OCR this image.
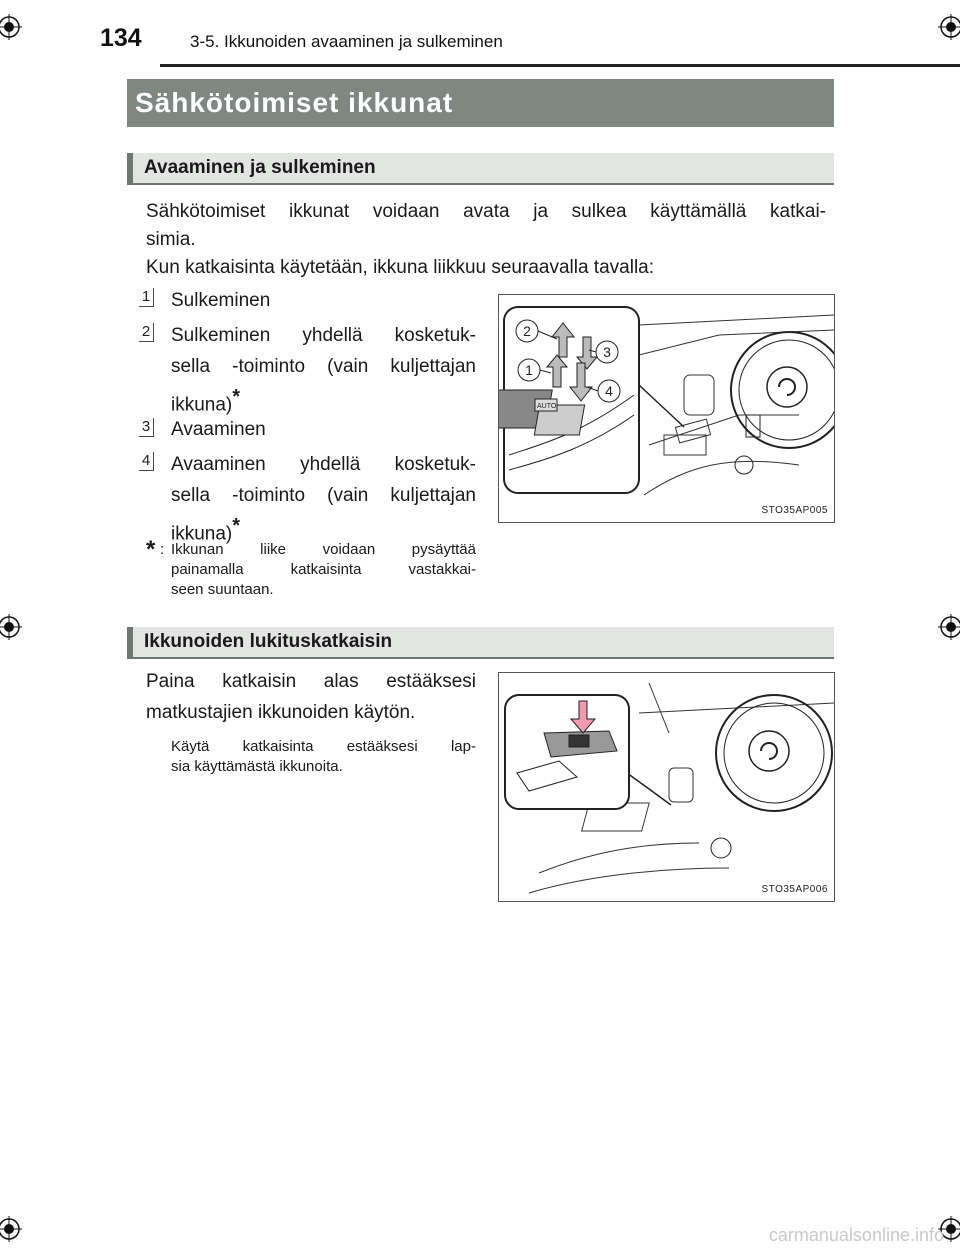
134	3-5. Ikkunoiden avaaminen ja sulkeminen
Sähkötoimiset ikkunat
Avaaminen ja sulkeminen
Sähkötoimiset ikkunat voidaan avata ja sulkea käyttämällä katkai-
simia.
Kun katkaisinta käytetään, ikkuna liikkuu seuraavalla tavalla:
1 Sulkeminen
2 Sulkeminen yhdellä kosketuk-
sella -toiminto (vain kuljettajan
ikkuna)*
3 Avaaminen
4 Avaaminen yhdellä kosketuk-
sella -toiminto (vain kuljettajan
ikkuna)*
* : Ikkunan liike voidaan pysäyttää
painamalla katkaisinta vastakkai-
seen suuntaan.
AUTO
2
1
3
4
STO35AP005
Ikkunoiden lukituskatkaisin
Paina katkaisin alas estääksesi
matkustajien ikkunoiden käytön.
Käytä katkaisinta estääksesi lap-
sia käyttämästä ikkunoita.
STO35AP006
carmanualsonline.info
